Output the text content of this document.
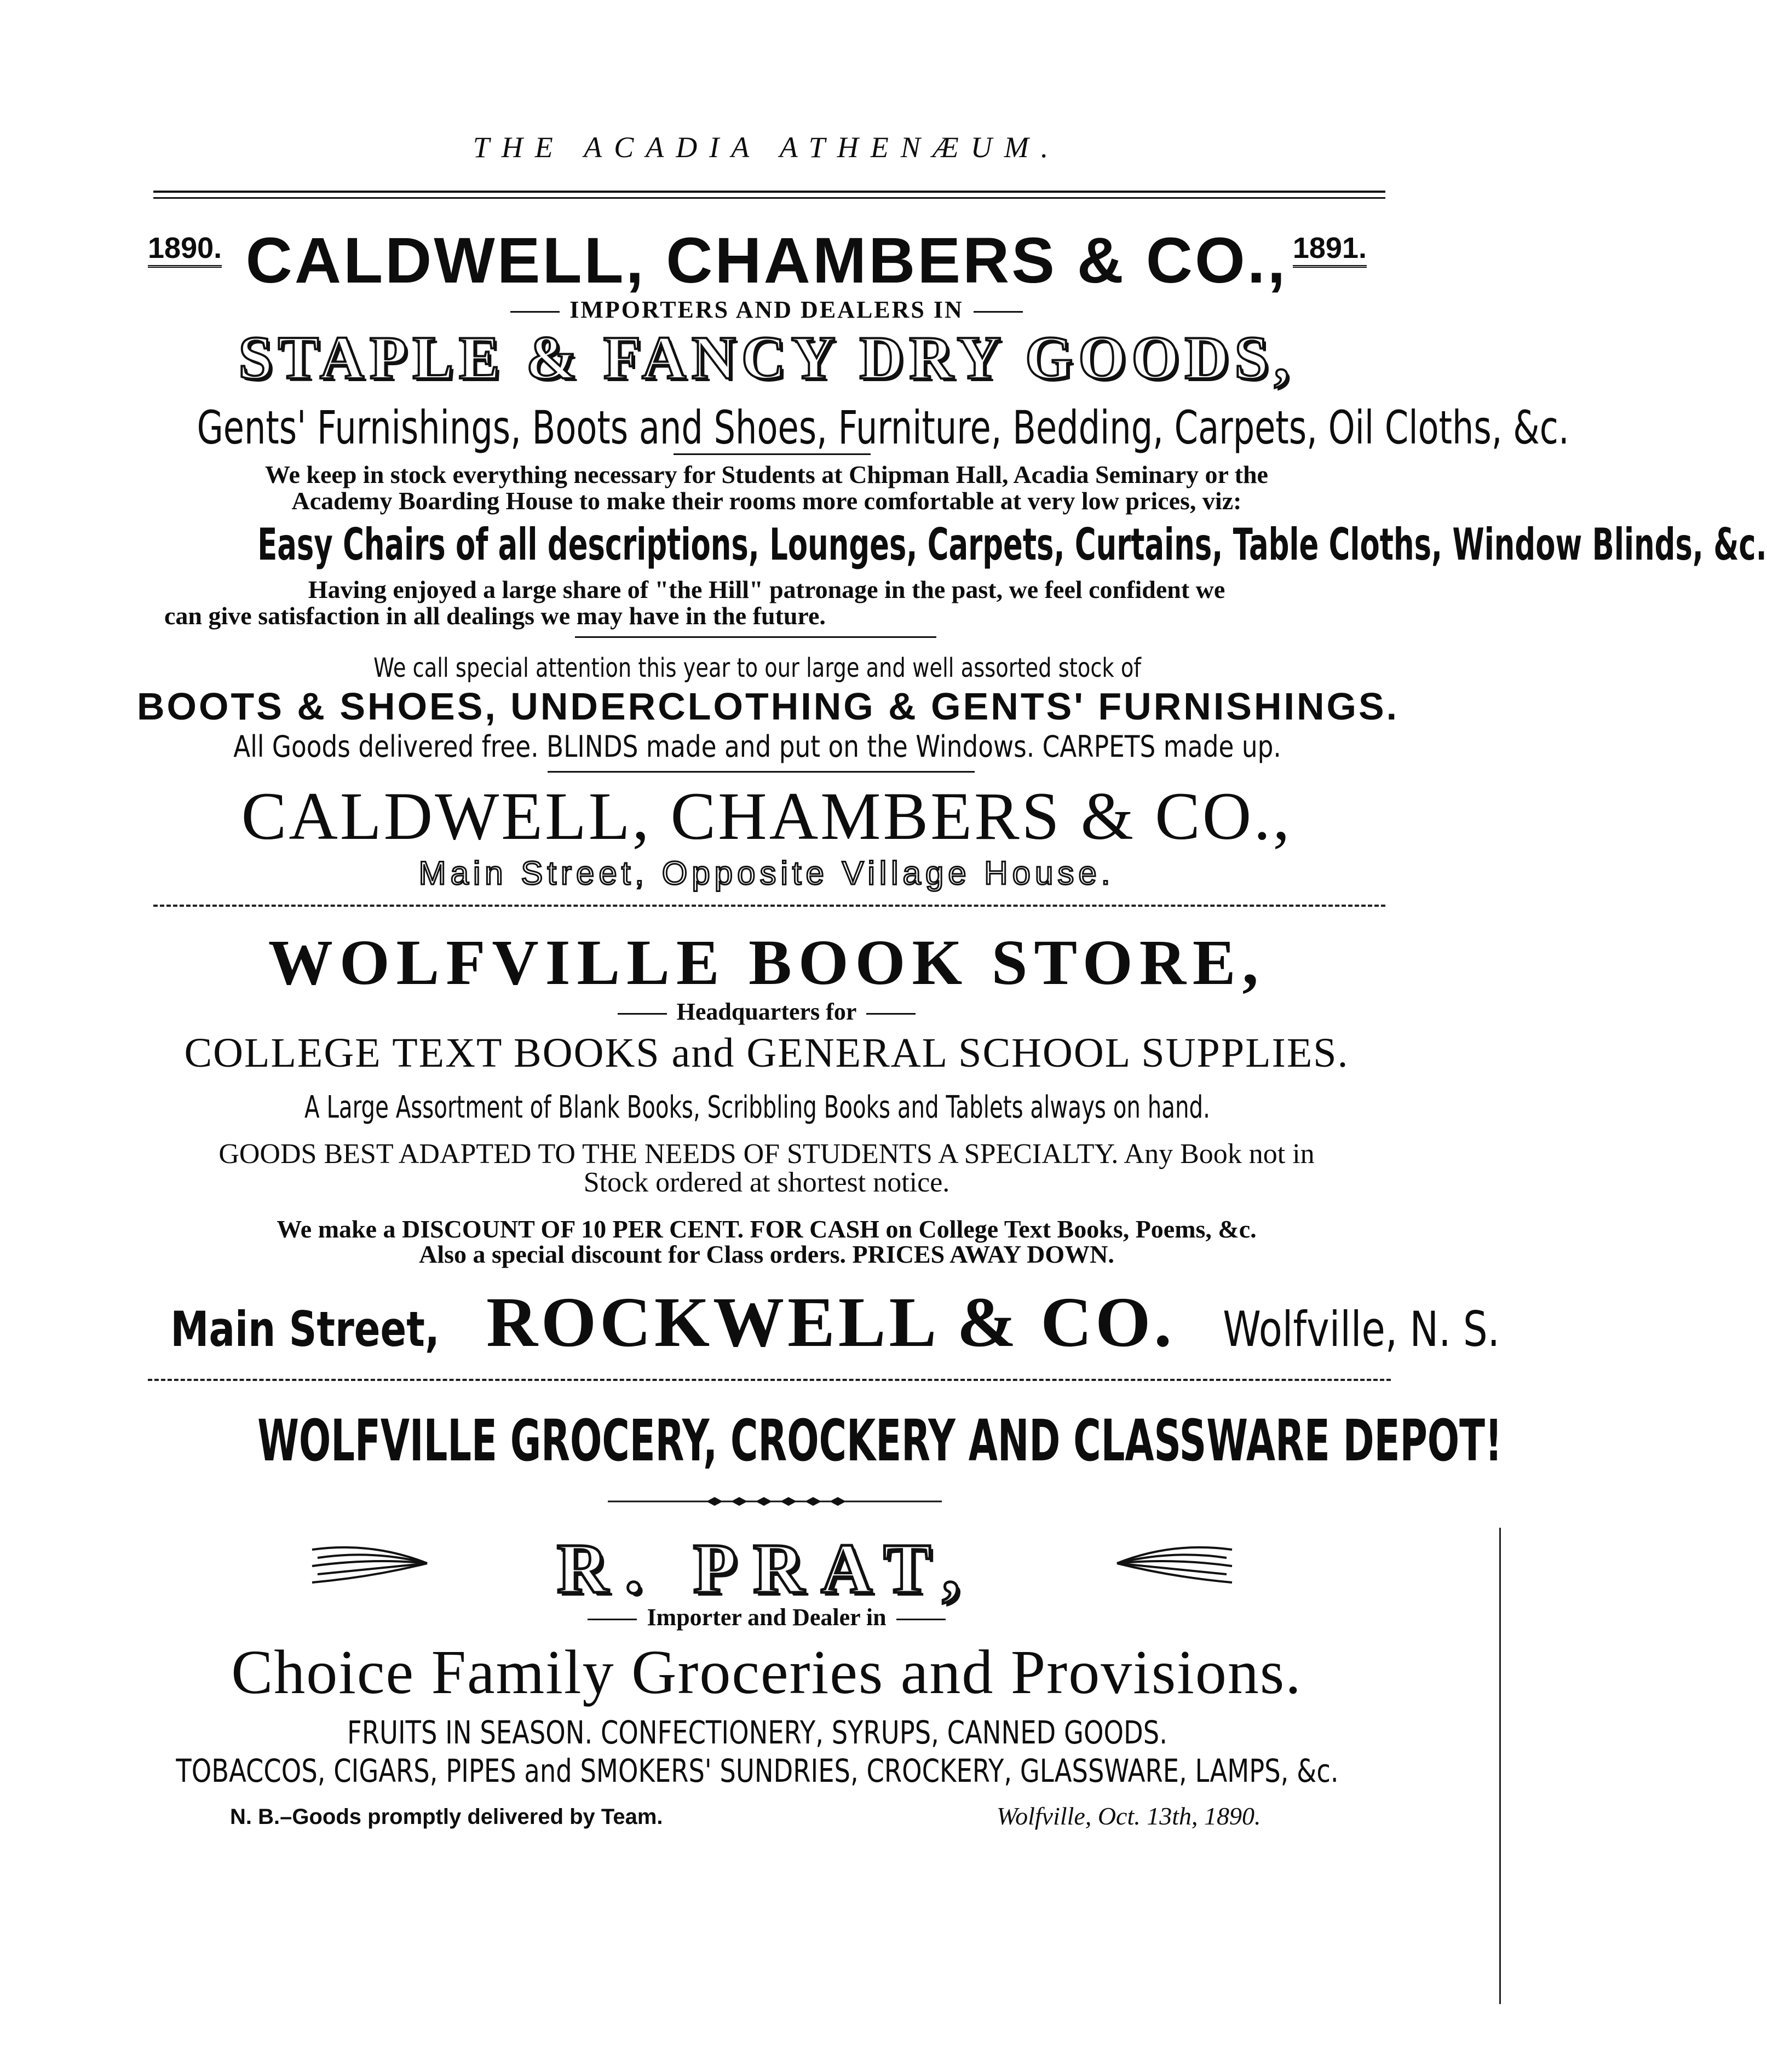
THE ACADIA ATHENÆUM.
1890. CALDWELL, CHAMBERS & CO., 1891.
IMPORTERS AND DEALERS IN
STAPLE & FANCY DRY GOODS,
Gents' Furnishings, Boots and Shoes, Furniture, Bedding, Carpets, Oil Cloths, &c.
We keep in stock everything necessary for Students at Chipman Hall, Acadia Seminary or the
Academy Boarding House to make their rooms more comfortable at very low prices, viz:
Easy Chairs of all descriptions, Lounges, Carpets, Curtains, Table Cloths, Window Blinds, &c.
Having enjoyed a large share of "the Hill" patronage in the past, we feel confident we
can give satisfaction in all dealings we may have in the future.
We call special attention this year to our large and well assorted stock of
BOOTS & SHOES, UNDERCLOTHING & GENTS' FURNISHINGS.
All Goods delivered free. BLINDS made and put on the Windows. CARPETS made up.
CALDWELL, CHAMBERS & CO.,
Main Street, Opposite Village House.
WOLFVILLE BOOK STORE,
Headquarters for
COLLEGE TEXT BOOKS and GENERAL SCHOOL SUPPLIES.
A Large Assortment of Blank Books, Scribbling Books and Tablets always on hand.
GOODS BEST ADAPTED TO THE NEEDS OF STUDENTS A SPECIALTY. Any Book not in
Stock ordered at shortest notice.
We make a DISCOUNT OF 10 PER CENT. FOR CASH on College Text Books, Poems, &c.
Also a special discount for Class orders. PRICES AWAY DOWN.
Main Street, ROCKWELL & CO. Wolfville, N. S.
WOLFVILLE GROCERY, CROCKERY AND CLASSWARE DEPOT!
R. PRAT,
Importer and Dealer in
Choice Family Groceries and Provisions.
FRUITS IN SEASON. CONFECTIONERY, SYRUPS, CANNED GOODS.
TOBACCOS, CIGARS, PIPES and SMOKERS' SUNDRIES, CROCKERY, GLASSWARE, LAMPS, &c.
N. B.–Goods promptly delivered by Team.	Wolfville, Oct. 13th, 1890.
